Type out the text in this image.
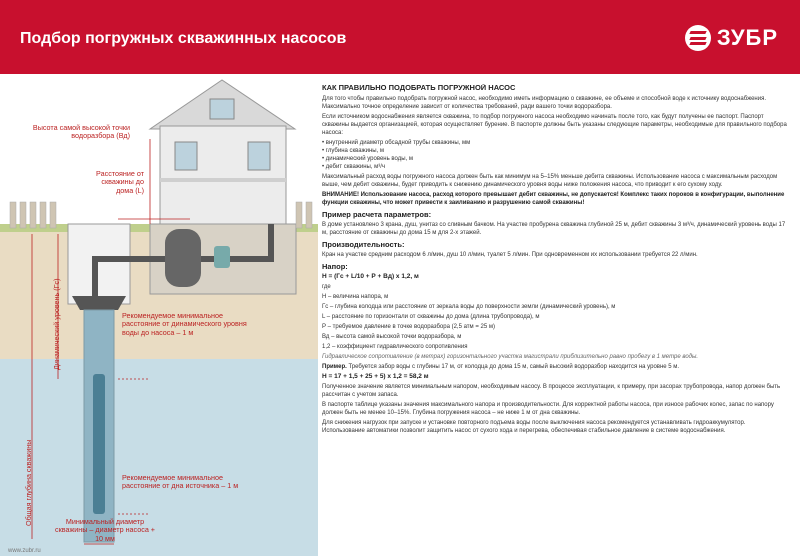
Подбор погружных скважинных насосов	ЗУБР
Высота самой высокой точки водоразбора (Вд)
Расстояние от скважины до дома (L)
Динамический уровень (Гс)
Общая глубина скважины
Рекомендуемое минимальное расстояние от динамического уровня воды до насоса – 1 м
Рекомендуемое минимальное расстояние от дна источника – 1 м
Минимальный диаметр скважины – диаметр насоса + 10 мм
www.zubr.ru
КАК ПРАВИЛЬНО ПОДОБРАТЬ ПОГРУЖНОЙ НАСОС

Для того чтобы правильно подобрать погружной насос, необходимо иметь информацию о скважине, ее объеме и способной воде к источнику водоснабжения. Максимально точное определение зависит от количества требований, ради вашего точки водоразбора.

Если источником водоснабжения является скважина, то подбор погружного насоса необходимо начинать после того, как будут получены ее паспорт. Паспорт скважины выдается организацией, которая осуществляет бурение. В паспорте должны быть указаны следующие параметры, необходимые для правильного подбора насоса:

• внутренний диаметр обсадной трубы скважины, мм
• глубина скважины, м
• динамический уровень воды, м
• дебит скважины, м³/ч

Максимальный расход воды погружного насоса должен быть как минимум на 5–15% меньше дебита скважины. Использование насоса с максимальным расходом выше, чем дебит скважины, будет приводить к снижению динамического уровня воды ниже положения насоса, что приводит к его сухому ходу.

ВНИМАНИЕ! Использование насоса, расход которого превышает дебит скважины, не допускается! Комплекс таких пороков в конфигурации, выполнение функции скважины, что может привести к заиливанию и разрушению самой скважины!

Пример расчета параметров:

В доме установлено 3 крана, душ, унитаз со сливным бачком. На участке пробурена скважина глубиной 25 м, дебит скважины 3 м³/ч, динамический уровень воды 17 м, расстояние от скважины до дома 15 м для 2-х этажей.

Производительность:

Кран на участке средним расходом 6 л/мин, душ 10 л/мин, туалет 5 л/мин. При одновременном их использовании требуется 22 л/мин.

Напор:

Н = (Гс + L/10 + Р + Вд) х 1,2, м

где

Н – величина напора, м

Гс – глубина колодца или расстояние от зеркала воды до поверхности земли (динамический уровень), м

L – расстояние по горизонтали от скважины до дома (длина трубопровода), м

Р – требуемое давление в точке водоразбора (2,5 атм = 25 м)

Вд – высота самой высокой точки водоразбора, м

1,2 – коэффициент гидравлического сопротивления

Гидравлическое сопротивление (в метрах) горизонтального участка магистрали приблизительно равно пробегу в 1 метре воды.

Пример. Требуется забор воды с глубины 17 м, от колодца до дома 15 м, самый высокий водоразбор находится на уровне 5 м.

Н = 17 + 1,5 + 25 + 5) х 1,2 = 58,2 м

Полученное значение является минимальным напором, необходимым насосу. В процессе эксплуатации, к примеру, при засорах трубопровода, напор должен быть рассчитан с учетом запаса.

В паспорте таблице указаны значения максимального напора и производительности. Для корректной работы насоса, при износе рабочих колес, запас по напору должен быть не менее 10–15%. Глубина погружения насоса – не ниже 1 м от дна скважины.

Для снижения нагрузок при запуске и установке повторного подъема воды после выключения насоса рекомендуется устанавливать гидроаккумулятор. Использование автоматики позволит защитить насос от сухого хода и перегрева, обеспечивая стабильное давление в системе водоснабжения.
